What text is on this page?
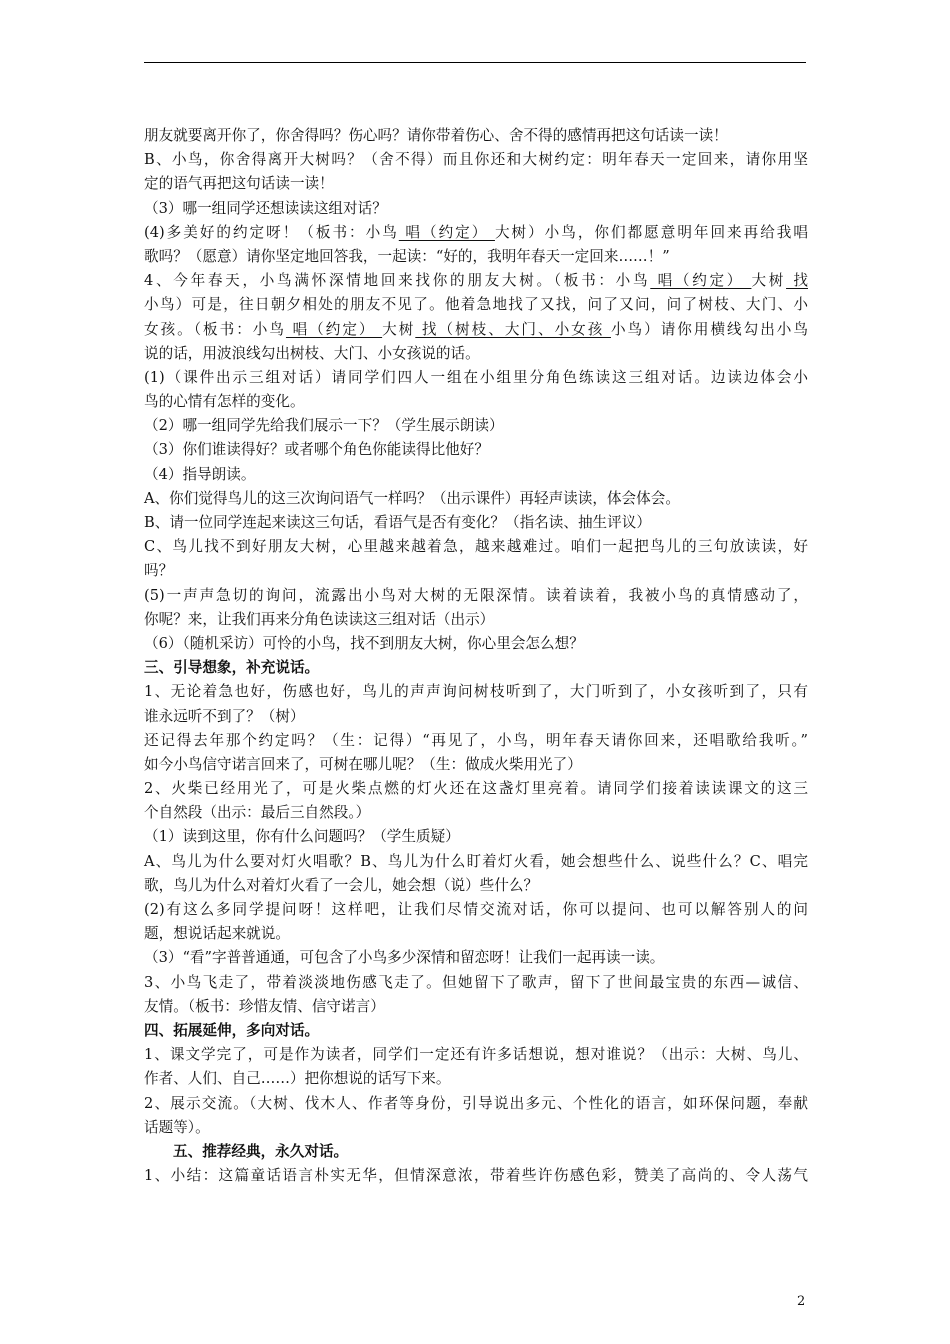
朋友就要离开你了，你舍得吗？伤心吗？请你带着伤心、舍不得的感情再把这句话读一读！
B、小鸟，你舍得离开大树吗？（舍不得）而且你还和大树约定：明年春天一定回来，请你用坚
定的语气再把这句话读一读！
（3）哪一组同学还想读读这组对话？
(4)多美好的约定呀！（板书：小鸟 唱（约定） 大树）小鸟，你们都愿意明年回来再给我唱
歌吗？（愿意）请你坚定地回答我，一起读：“好的，我明年春天一定回来……！”
4、今年春天，小鸟满怀深情地回来找你的朋友大树。（板书：小鸟 唱（约定） 大树 找
小鸟）可是，往日朝夕相处的朋友不见了。他着急地找了又找，问了又问，问了树枝、大门、小
女孩。（板书：小鸟 唱（约定） 大树 找（树枝、大门、小女孩 小鸟）请你用横线勾出小鸟
说的话，用波浪线勾出树枝、大门、小女孩说的话。
(1)（课件出示三组对话）请同学们四人一组在小组里分角色练读这三组对话。边读边体会小
鸟的心情有怎样的变化。
（2）哪一组同学先给我们展示一下？（学生展示朗读）
（3）你们谁读得好？或者哪个角色你能读得比他好？
（4）指导朗读。
A、你们觉得鸟儿的这三次询问语气一样吗？（出示课件）再轻声读读，体会体会。
B、请一位同学连起来读这三句话，看语气是否有变化？（指名读、抽生评议）
C、鸟儿找不到好朋友大树，心里越来越着急，越来越难过。咱们一起把鸟儿的三句放读读，好
吗？
(5)一声声急切的询问，流露出小鸟对大树的无限深情。读着读着，我被小鸟的真情感动了，
你呢？来，让我们再来分角色读读这三组对话（出示）
（6）（随机采访）可怜的小鸟，找不到朋友大树，你心里会怎么想？
三、引导想象，补充说话。
1、无论着急也好，伤感也好，鸟儿的声声询问树枝听到了，大门听到了，小女孩听到了，只有
谁永远听不到了？（树）
还记得去年那个约定吗？（生：记得）“再见了，小鸟，明年春天请你回来，还唱歌给我听。”
如今小鸟信守诺言回来了，可树在哪儿呢？（生：做成火柴用光了）
2、火柴已经用光了，可是火柴点燃的灯火还在这盏灯里亮着。请同学们接着读读课文的这三
个自然段（出示：最后三自然段。）
（1）读到这里，你有什么问题吗？（学生质疑）
A、鸟儿为什么要对灯火唱歌？B、鸟儿为什么盯着灯火看，她会想些什么、说些什么？C、唱完
歌，鸟儿为什么对着灯火看了一会儿，她会想（说）些什么？
(2)有这么多同学提问呀！这样吧，让我们尽情交流对话，你可以提问、也可以解答别人的问
题，想说话起来就说。
（3）“看”字普普通通，可包含了小鸟多少深情和留恋呀！让我们一起再读一读。
3、小鸟飞走了，带着淡淡地伤感飞走了。但她留下了歌声，留下了世间最宝贵的东西—诚信、
友情。（板书：珍惜友情、信守诺言）
四、拓展延伸，多向对话。
1、课文学完了，可是作为读者，同学们一定还有许多话想说，想对谁说？（出示：大树、鸟儿、
作者、人们、自己……）把你想说的话写下来。
2、展示交流。（大树、伐木人、作者等身份，引导说出多元、个性化的语言，如环保问题，奉献
话题等）。
五、推荐经典，永久对话。
1、小结：这篇童话语言朴实无华，但情深意浓，带着些许伤感色彩，赞美了高尚的、令人荡气
2
